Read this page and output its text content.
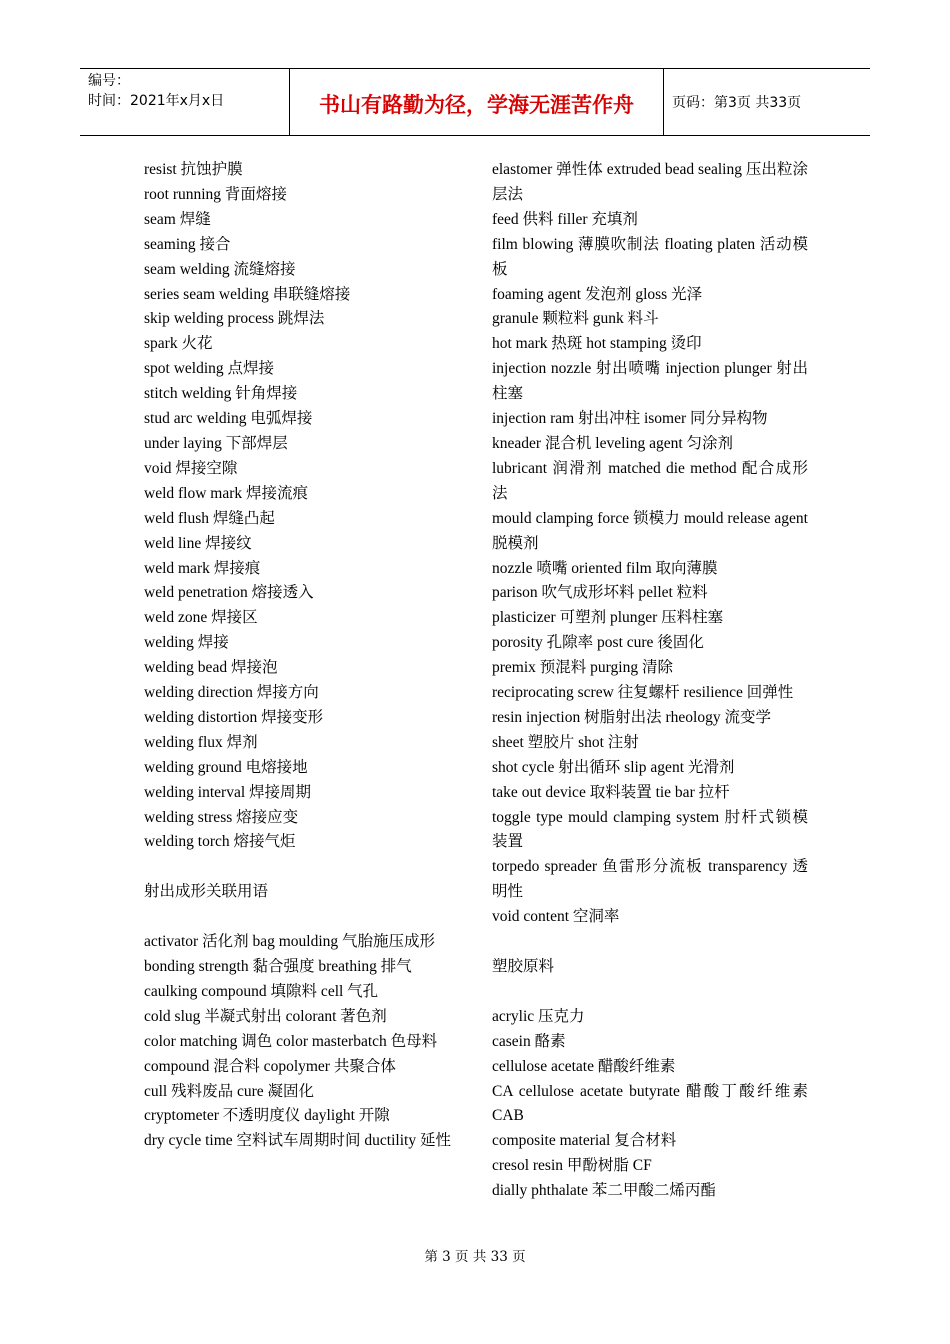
编号：
时间：2021年x月x日	书山有路勤为径，学海无涯苦作舟	页码：第3页 共33页
resist 抗蚀护膜
root running 背面熔接
seam 焊缝
seaming 接合
seam welding 流缝熔接
series seam welding 串联缝熔接
skip welding process 跳焊法
spark 火花
spot welding 点焊接
stitch welding 针角焊接
stud arc welding 电弧焊接
under laying 下部焊层
void 焊接空隙
weld flow mark 焊接流痕
weld flush 焊缝凸起
weld line 焊接纹
weld mark 焊接痕
weld penetration 熔接透入
weld zone 焊接区
welding 焊接
welding bead 焊接泡
welding direction 焊接方向
welding distortion 焊接变形
welding flux 焊剂
welding ground 电熔接地
welding interval 焊接周期
welding stress 熔接应变
welding torch 熔接气炬
射出成形关联用语
activator 活化剂 bag moulding 气胎施压成形
bonding strength 黏合强度 breathing 排气
caulking compound 填隙料 cell 气孔
cold slug 半凝式射出 colorant 著色剂
color matching 调色 color masterbatch 色母料
compound 混合料 copolymer 共聚合体
cull 残料废品 cure 凝固化
cryptometer 不透明度仪 daylight 开隙
dry cycle time 空料试车周期时间 ductility 延性
elastomer 弹性体 extruded bead sealing 压出粒涂层法
feed 供料 filler 充填剂
film blowing 薄膜吹制法 floating platen 活动模板
foaming agent 发泡剂 gloss 光泽
granule 颗粒料 gunk 料斗
hot mark 热斑 hot stamping 烫印
injection nozzle 射出喷嘴 injection plunger 射出柱塞
injection ram 射出冲柱 isomer 同分异构物
kneader 混合机 leveling agent 匀涂剂
lubricant 润滑剂 matched die method 配合成形法
mould clamping force 锁模力 mould release agent 脱模剂
nozzle 喷嘴 oriented film 取向薄膜
parison 吹气成形坏料 pellet 粒料
plasticizer 可塑剂 plunger 压料柱塞
porosity 孔隙率 post cure 後固化
premix 预混料 purging 清除
reciprocating screw 往复螺杆 resilience 回弹性
resin injection 树脂射出法 rheology 流变学
sheet 塑胶片 shot 注射
shot cycle 射出循环 slip agent 光滑剂
take out device 取料装置 tie bar 拉杆
toggle type mould clamping system 肘杆式锁模装置
torpedo spreader 鱼雷形分流板 transparency 透明性
void content 空洞率
塑胶原料
acrylic 压克力
casein 酪素
cellulose acetate 醋酸纤维素
CA cellulose acetate butyrate 醋酸丁酸纤维素 CAB
composite material 复合材料
cresol resin 甲酚树脂 CF
dially phthalate 苯二甲酸二烯丙酯
第 3 页 共 33 页
